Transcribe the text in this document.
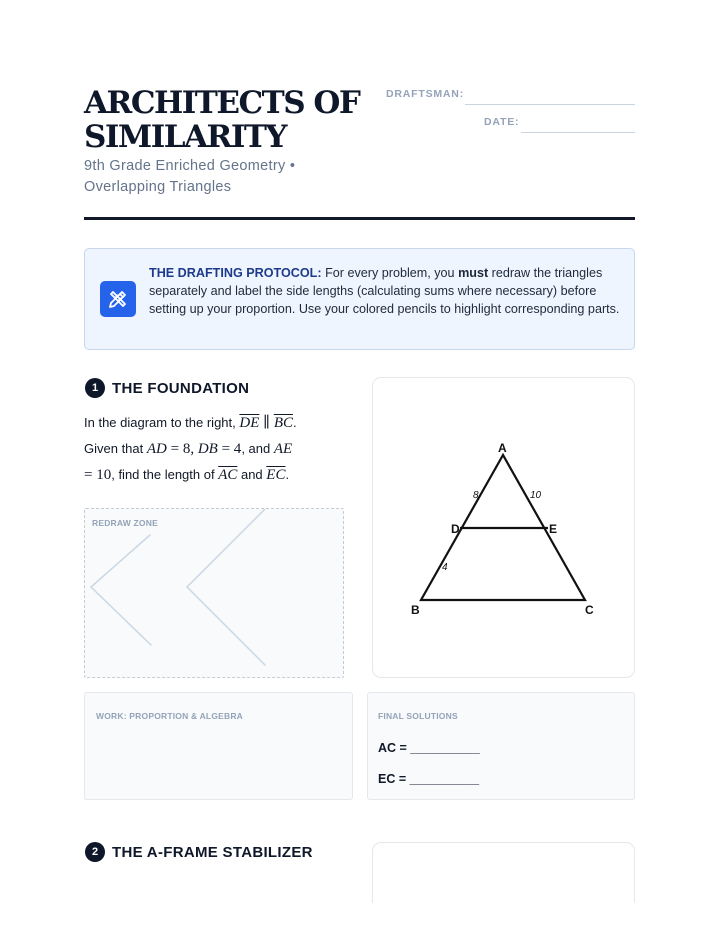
ARCHITECTS OF
SIMILARITY
9th Grade Enriched Geometry •
Overlapping Triangles
DRAFTSMAN:
DATE:
THE DRAFTING PROTOCOL: For every problem, you must redraw the triangles separately and label the side lengths (calculating sums where necessary) before setting up your proportion. Use your colored pencils to highlight corresponding parts.
1 THE FOUNDATION
In the diagram to the right, $\overline{DE}$ ∥ $\overline{BC}$.
Given that AD = 8, DB = 4, and AE
= 10, find the length of $\overline{AC}$ and $\overline{EC}$.
REDRAW ZONE
A
B	C
D	E
8	10
4
WORK: PROPORTION & ALGEBRA	FINAL SOLUTIONS
AC = __________
EC = __________
2 THE A-FRAME STABILIZER
